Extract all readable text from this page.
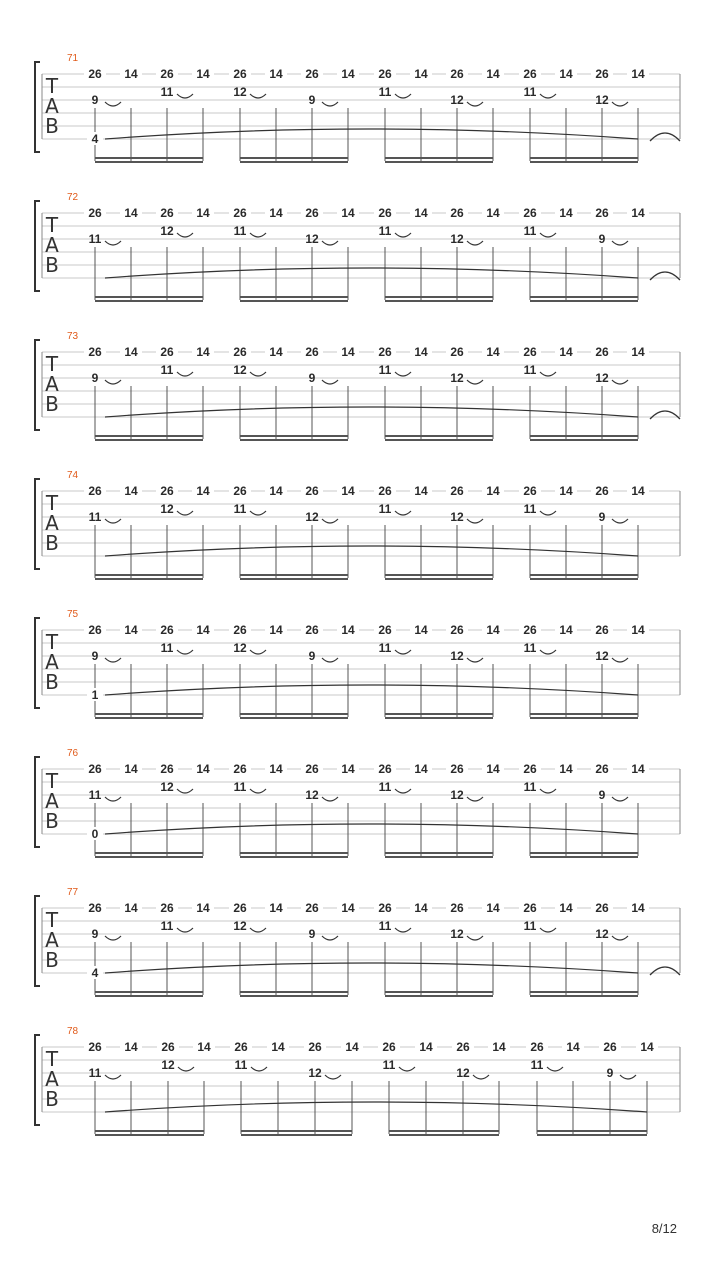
71
T
A
B
26 14 26 14 26 14 26 14 26 14 26 14 26 14 26 14
9
11	12
9
11
12
11
12
4
72
T
A
B
26 14 26 14 26 14 26 14 26 14 26 14 26 14 26 14
11
12	11
12
11
12
11
9
73
T
A
B
26 14 26 14 26 14 26 14 26 14 26 14 26 14 26 14
9
11	12
9
11
12
11
12
74
T
A
B
26 14 26 14 26 14 26 14 26 14 26 14 26 14 26 14
11
12	11
12
11
12
11
9
75
T
A
B
26 14 26 14 26 14 26 14 26 14 26 14 26 14 26 14
9
11	12
9
11
12
11
12
1
76
T
A
B
26 14 26 14 26 14 26 14 26 14 26 14 26 14 26 14
11
12	11
12
11
12
11
9
0
77
T
A
B
26 14 26 14 26 14 26 14 26 14 26 14 26 14 26 14
9
11	12
9
11
12
11
12
4
78
T
A
B
26 14 26 14 26 14 26 14 26 14 26 14 26 14 26 14
11
12	11
12
11
12
11
9
8/12
